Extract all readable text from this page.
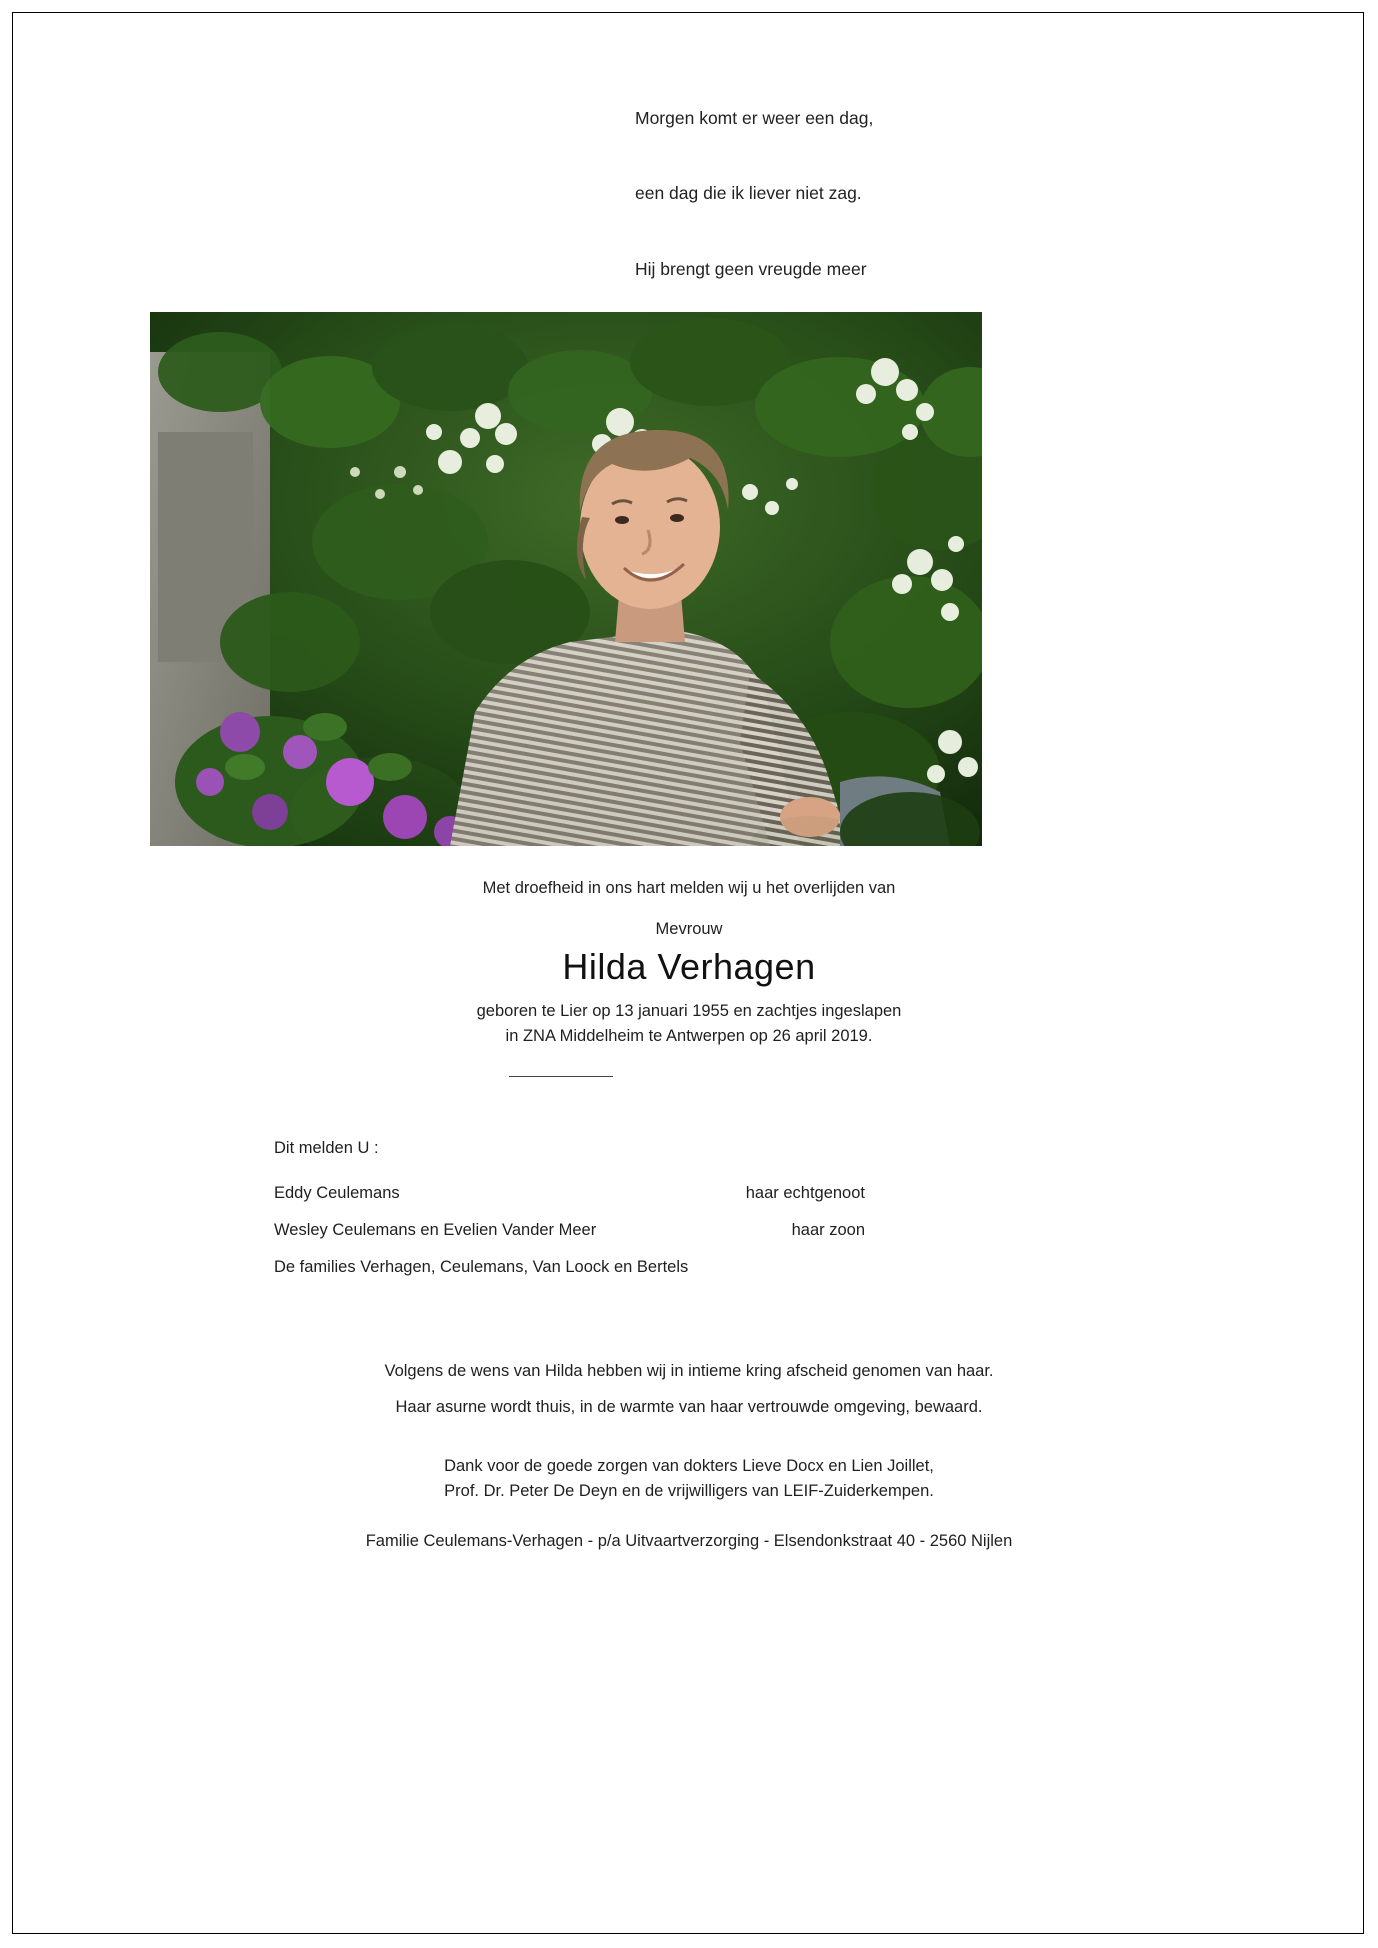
Morgen komt er weer een dag,

een dag die ik liever niet zag.

Hij brengt geen vreugde meer

Met droefheid in ons hart melden wij u het overlijden van
Mevrouw
Hilda Verhagen
geboren te Lier op 13 januari 1955 en zachtjes ingeslapen
in ZNA Middelheim te Antwerpen op 26 april 2019.
Dit melden U :
Eddy Ceulemans	haar echtgenoot
Wesley Ceulemans en Evelien Vander Meer	haar zoon
De families Verhagen, Ceulemans, Van Loock en Bertels
Volgens de wens van Hilda hebben wij in intieme kring afscheid genomen van haar.
Haar asurne wordt thuis, in de warmte van haar vertrouwde omgeving, bewaard.
Dank voor de goede zorgen van dokters Lieve Docx en Lien Joillet,
Prof. Dr. Peter De Deyn en de vrijwilligers van LEIF-Zuiderkempen.
Familie Ceulemans-Verhagen - p/a Uitvaartverzorging - Elsendonkstraat 40 - 2560 Nijlen
